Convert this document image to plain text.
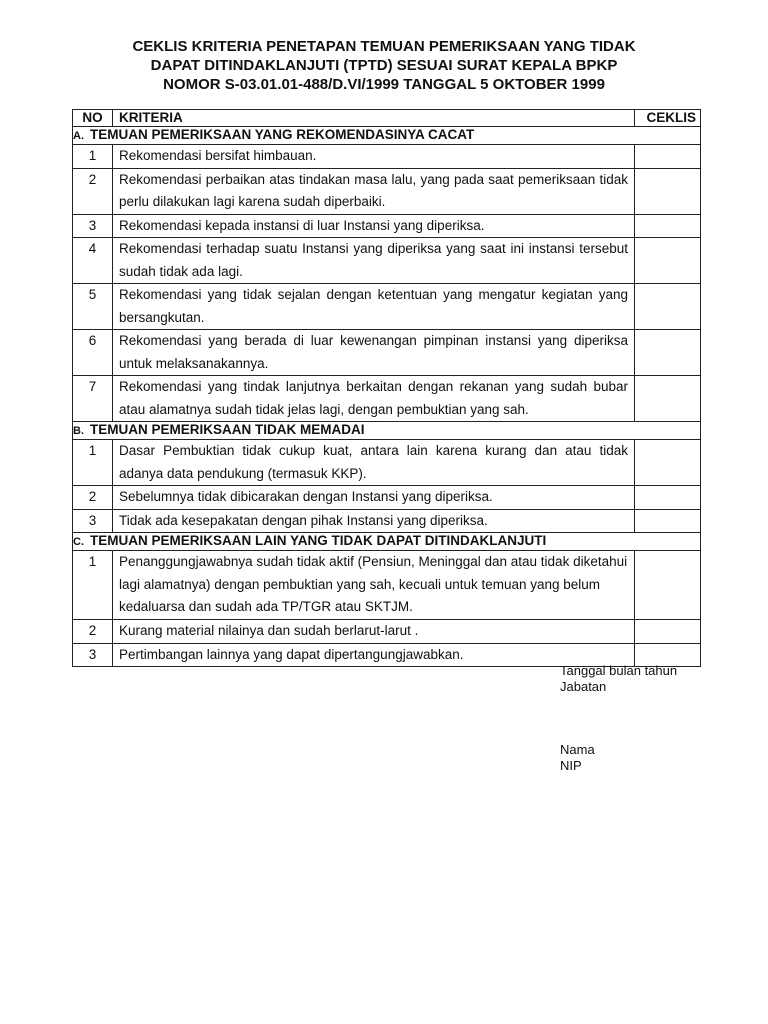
CEKLIS KRITERIA PENETAPAN TEMUAN PEMERIKSAAN YANG TIDAK
DAPAT DITINDAKLANJUTI (TPTD) SESUAI SURAT KEPALA BPKP
NOMOR S-03.01.01-488/D.VI/1999 TANGGAL 5 OKTOBER 1999
NO	KRITERIA	CEKLIS
A. TEMUAN PEMERIKSAAN YANG REKOMENDASINYA CACAT		
1	Rekomendasi bersifat himbauan.	
2	Rekomendasi perbaikan atas tindakan masa lalu, yang pada saat pemeriksaan tidak perlu dilakukan lagi karena sudah diperbaiki.	
3	Rekomendasi kepada instansi di luar Instansi yang diperiksa.	
4	Rekomendasi terhadap suatu Instansi yang diperiksa yang saat ini instansi tersebut sudah tidak ada lagi.	
5	Rekomendasi yang tidak sejalan dengan ketentuan yang mengatur kegiatan yang bersangkutan.	
6	Rekomendasi yang berada di luar kewenangan pimpinan instansi yang diperiksa untuk melaksanakannya.	
7	Rekomendasi yang tindak lanjutnya berkaitan dengan rekanan yang sudah bubar atau alamatnya sudah tidak jelas lagi, dengan pembuktian yang sah.	
B. TEMUAN PEMERIKSAAN TIDAK MEMADAI		
1	Dasar Pembuktian tidak cukup kuat, antara lain karena kurang dan atau tidak adanya data pendukung (termasuk KKP).	
2	Sebelumnya tidak dibicarakan dengan Instansi yang diperiksa.	
3	Tidak ada kesepakatan dengan pihak Instansi yang diperiksa.	
C. TEMUAN PEMERIKSAAN LAIN YANG TIDAK DAPAT DITINDAKLANJUTI		
1	Penanggungjawabnya sudah tidak aktif (Pensiun, Meninggal dan atau tidak diketahui lagi alamatnya) dengan pembuktian yang sah, kecuali untuk temuan yang belum kedaluarsa dan sudah ada TP/TGR atau SKTJM.	
2	Kurang material nilainya dan sudah berlarut-larut .	
3	Pertimbangan lainnya yang dapat dipertangungjawabkan.	
Tanggal bulan tahun
Jabatan
Nama
NIP
